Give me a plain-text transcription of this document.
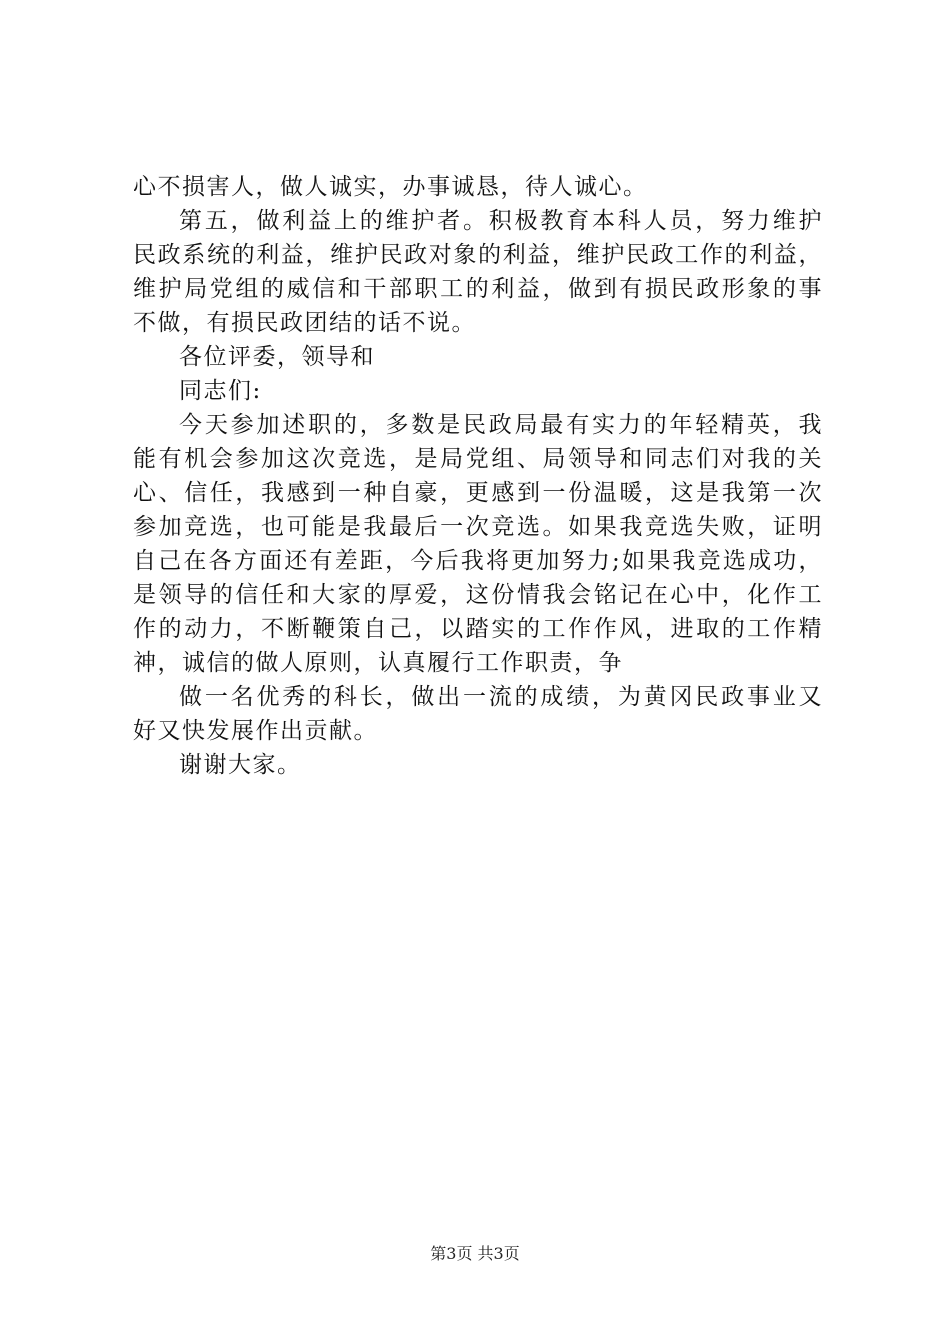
心不损害人，做人诚实，办事诚恳，待人诚心。
第五，做利益上的维护者。积极教育本科人员，努力维护
民政系统的利益，维护民政对象的利益，维护民政工作的利益，
维护局党组的威信和干部职工的利益，做到有损民政形象的事
不做，有损民政团结的话不说。
各位评委，领导和
同志们:
今天参加述职的，多数是民政局最有实力的年轻精英，我
能有机会参加这次竞选，是局党组、局领导和同志们对我的关
心、信任，我感到一种自豪，更感到一份温暖，这是我第一次
参加竞选，也可能是我最后一次竞选。如果我竞选失败，证明
自己在各方面还有差距，今后我将更加努力;如果我竞选成功，
是领导的信任和大家的厚爱，这份情我会铭记在心中，化作工
作的动力，不断鞭策自己，以踏实的工作作风，进取的工作精
神，诚信的做人原则，认真履行工作职责，争
做一名优秀的科长，做出一流的成绩，为黄冈民政事业又
好又快发展作出贡献。
谢谢大家。
第3页 共3页
